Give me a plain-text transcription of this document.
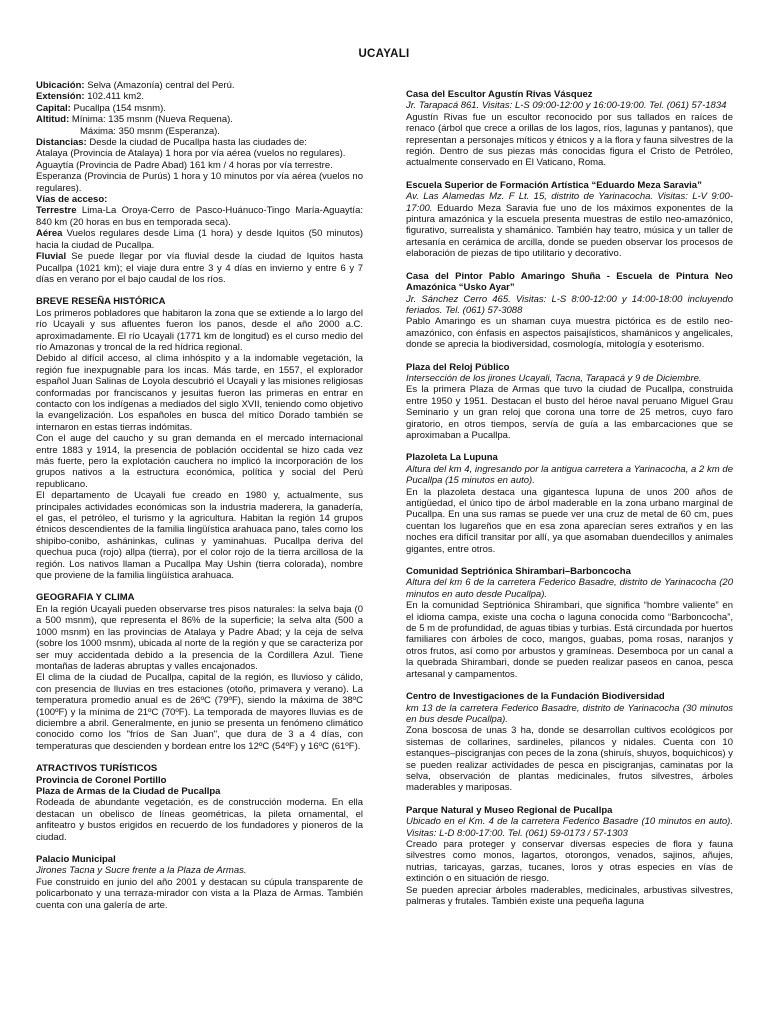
UCAYALI

Ubicación: Selva (Amazonía) central del Perú.

Extensión: 102.411 km2.

Capital: Pucallpa (154 msnm).

Altitud: Mínima: 135 msnm (Nueva Requena).

Máxima: 350 msnm (Esperanza).

Distancias: Desde la ciudad de Pucallpa hasta las ciudades de:

Atalaya (Provincia de Atalaya) 1 hora por vía aérea (vuelos no regulares).

Aguaytía (Provincia de Padre Abad) 161 km / 4 horas por vía terrestre.

Esperanza (Provincia de Purús) 1 hora y 10 minutos por vía aérea (vuelos no regulares).

Vías de acceso:

Terrestre Lima-La Oroya-Cerro de Pasco-Huánuco-Tingo María-Aguaytía: 840 km (20 horas en bus en temporada seca).

Aérea Vuelos regulares desde Lima (1 hora) y desde Iquitos (50 minutos) hacia la ciudad de Pucallpa.

Fluvial Se puede llegar por vía fluvial desde la ciudad de Iquitos hasta Pucallpa (1021 km); el viaje dura entre 3 y 4 días en invierno y entre 6 y 7 días en verano por el bajo caudal de los ríos.

BREVE RESEÑA HISTÓRICA

Los primeros pobladores que habitaron la zona que se extiende a lo largo del río Ucayali y sus afluentes fueron los panos, desde el año 2000 a.C. aproximadamente. El río Ucayali (1771 km de longitud) es el curso medio del río Amazonas y troncal de la red hídrica regional.

Debido al difícil acceso, al clima inhóspito y a la indomable vegetación, la región fue inexpugnable para los incas. Más tarde, en 1557, el explorador español Juan Salinas de Loyola descubrió el Ucayali y las misiones religiosas conformadas por franciscanos y jesuitas fueron las primeras en entrar en contacto con los indígenas a mediados del siglo XVII, teniendo como objetivo la evangelización. Los españoles en busca del mítico Dorado también se internaron en estas tierras indómitas.

Con el auge del caucho y su gran demanda en el mercado internacional entre 1883 y 1914, la presencia de población occidental se hizo cada vez más fuerte, pero la explotación cauchera no implicó la incorporación de los grupos nativos a la estructura económica, política y social del Perú republicano.

El departamento de Ucayali fue creado en 1980 y, actualmente, sus principales actividades económicas son la industria maderera, la ganadería, el gas, el petróleo, el turismo y la agricultura. Habitan la región 14 grupos étnicos descendientes de la familia lingüística arahuaca pano, tales como los shipibo-conibo, asháninkas, culinas y yaminahuas. Pucallpa deriva del quechua puca (rojo) allpa (tierra), por el color rojo de la tierra arcillosa de la región. Los nativos llaman a Pucallpa May Ushin (tierra colorada), nombre que proviene de la familia lingüística arahuaca.

GEOGRAFIA Y CLIMA

En la región Ucayali pueden observarse tres pisos naturales: la selva baja (0 a 500 msnm), que representa el 86% de la superficie; la selva alta (500 a 1000 msnm) en las provincias de Atalaya y Padre Abad; y la ceja de selva (sobre los 1000 msnm), ubicada al norte de la región y que se caracteriza por ser muy accidentada debido a la presencia de la Cordillera Azul. Tiene montañas de laderas abruptas y valles encajonados.

El clima de la ciudad de Pucallpa, capital de la región, es lluvioso y cálido, con presencia de lluvias en tres estaciones (otoño, primavera y verano). La temperatura promedio anual es de 26ºC (79ºF), siendo la máxima de 38ºC (100ºF) y la mínima de 21ºC (70ºF). La temporada de mayores lluvias es de diciembre a abril. Generalmente, en junio se presenta un fenómeno climático conocido como los "fríos de San Juan", que dura de 3 a 4 días, con temperaturas que descienden y bordean entre los 12ºC (54ºF) y 16ºC (61ºF).

ATRACTIVOS TURÍSTICOS

Provincia de Coronel Portillo

Plaza de Armas de la Ciudad de Pucallpa

Rodeada de abundante vegetación, es de construcción moderna. En ella destacan un obelisco de líneas geométricas, la pileta ornamental, el anfiteatro y bustos erigidos en recuerdo de los fundadores y pioneros de la ciudad.

Palacio Municipal

Jirones Tacna y Sucre frente a la Plaza de Armas.

Fue construido en junio del año 2001 y destacan su cúpula transparente de policarbonato y una terraza-mirador con vista a la Plaza de Armas. También cuenta con una galería de arte.

Casa del Escultor Agustín Rivas Vásquez

Jr. Tarapacá 861. Visitas: L-S 09:00-12:00 y 16:00-19:00. Tel. (061) 57-1834

Agustín Rivas fue un escultor reconocido por sus tallados en raíces de renaco (árbol que crece a orillas de los lagos, ríos, lagunas y pantanos), que representan a personajes míticos y étnicos y a la flora y fauna silvestres de la región. Dentro de sus piezas más conocidas figura el Cristo de Petróleo, actualmente conservado en El Vaticano, Roma.

Escuela Superior de Formación Artística “Eduardo Meza Saravia”

Av. Las Alamedas Mz. F Lt. 15, distrito de Yarinacocha. Visitas: L-V 9:00-17:00. Eduardo Meza Saravia fue uno de los máximos exponentes de la pintura amazónica y la escuela presenta muestras de estilo neo-amazónico, figurativo, surrealista y shamánico. También hay teatro, música y un taller de artesanía en cerámica de arcilla, donde se pueden observar los procesos de elaboración de piezas de tipo utilitario y decorativo.

Casa del Pintor Pablo Amaringo Shuña - Escuela de Pintura Neo Amazónica “Usko Ayar”

Jr. Sánchez Cerro 465. Visitas: L-S 8:00-12:00 y 14:00-18:00 incluyendo feriados. Tel. (061) 57-3088

Pablo Amaringo es un shaman cuya muestra pictórica es de estilo neo-amazónico, con énfasis en aspectos paisajísticos, shamánicos y angelicales, donde se aprecia la biodiversidad, cosmología, mitología y esoterismo.

Plaza del Reloj Público

Intersección de los jirones Ucayali, Tacna, Tarapacá y 9 de Diciembre.

Es la primera Plaza de Armas que tuvo la ciudad de Pucallpa, construida entre 1950 y 1951. Destacan el busto del héroe naval peruano Miguel Grau Seminario y un gran reloj que corona una torre de 25 metros, cuyo faro giratorio, en otros tiempos, servía de guía a las embarcaciones que se aproximaban a Pucallpa.

Plazoleta La Lupuna

Altura del km 4, ingresando por la antigua carretera a Yarinacocha, a 2 km de Pucallpa (15 minutos en auto).

En la plazoleta destaca una gigantesca lupuna de unos 200 años de antigüedad, el único tipo de árbol maderable en la zona urbano marginal de Pucallpa. En una sus ramas se puede ver una cruz de metal de 60 cm, pues cuentan los lugareños que en esa zona aparecían seres extraños y en las noches era difícil transitar por allí, ya que asomaban duendecillos y animales gigantes, entre otros.

Comunidad Septriónica Shirambari–Barboncocha

Altura del km 6 de la carretera Federico Basadre, distrito de Yarinacocha (20 minutos en auto desde Pucallpa).

En la comunidad Septriónica Shirambari, que significa “hombre valiente” en el idioma campa, existe una cocha o laguna conocida como “Barboncocha”, de 5 m de profundidad, de aguas tibias y turbias. Está circundada por huertos familiares con árboles de coco, mangos, guabas, poma rosas, naranjos y otros frutos, así como por arbustos y gramíneas. Desemboca por un canal a la quebrada Shirambari, donde se pueden realizar paseos en canoa, pesca artesanal y campamentos.

Centro de Investigaciones de la Fundación Biodiversidad

km 13 de la carretera Federico Basadre, distrito de Yarinacocha (30 minutos en bus desde Pucallpa).

Zona boscosa de unas 3 ha, donde se desarrollan cultivos ecológicos por sistemas de collarines, sardineles, pilancos y nidales. Cuenta con 10 estanques–piscigranjas con peces de la zona (shiruís, shuyos, boquichicos) y se pueden realizar actividades de pesca en piscigranjas, caminatas por la selva, observación de plantas medicinales, frutos silvestres, árboles maderables y mariposas.

Parque Natural y Museo Regional de Pucallpa

Ubicado en el Km. 4 de la carretera Federico Basadre (10 minutos en auto). Visitas: L-D 8:00-17:00. Tel. (061) 59-0173 / 57-1303

Creado para proteger y conservar diversas especies de flora y fauna silvestres como monos, lagartos, otorongos, venados, sajinos, añujes, nutrias, taricayas, garzas, tucanes, loros y otras especies en vías de extinción o en situación de riesgo.

Se pueden apreciar árboles maderables, medicinales, arbustivas silvestres, palmeras y frutales. También existe una pequeña laguna
